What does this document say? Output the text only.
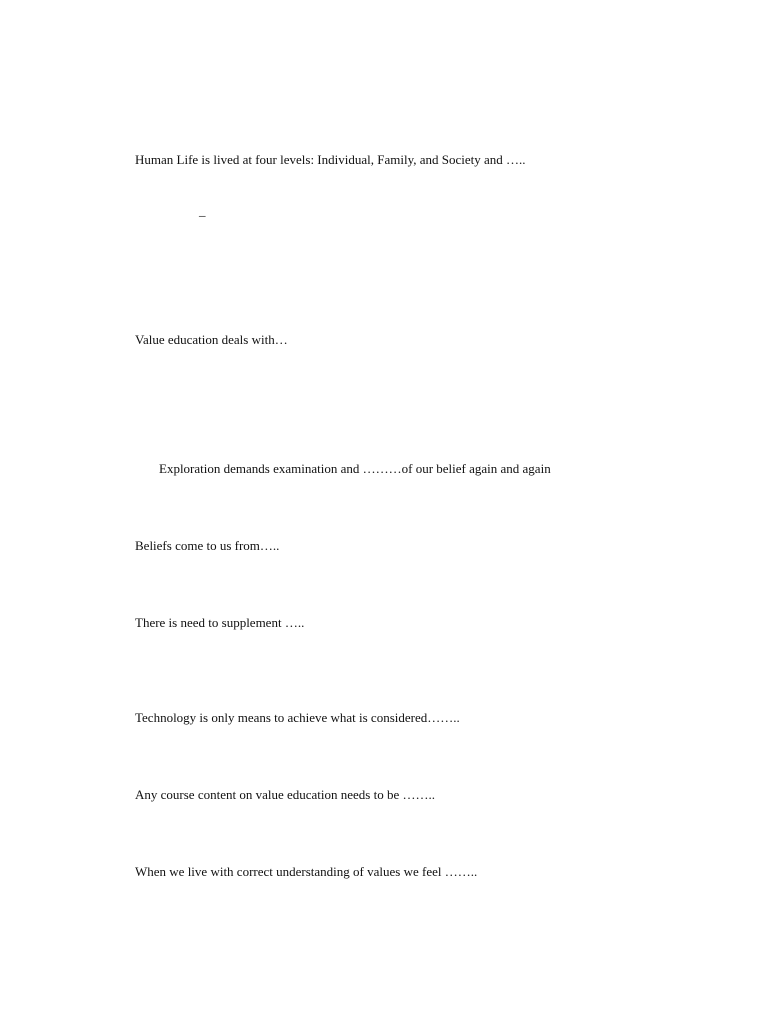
Human Life is lived at four levels: Individual, Family, and Society and …..
_
Value education deals with…
Exploration demands examination and ………of our belief again and again
Beliefs come to us from…..
There is need to supplement …..
Technology is only means to achieve what is considered……..
Any course content on value education needs to be ……..
When we live with correct understanding of values we feel ……..
